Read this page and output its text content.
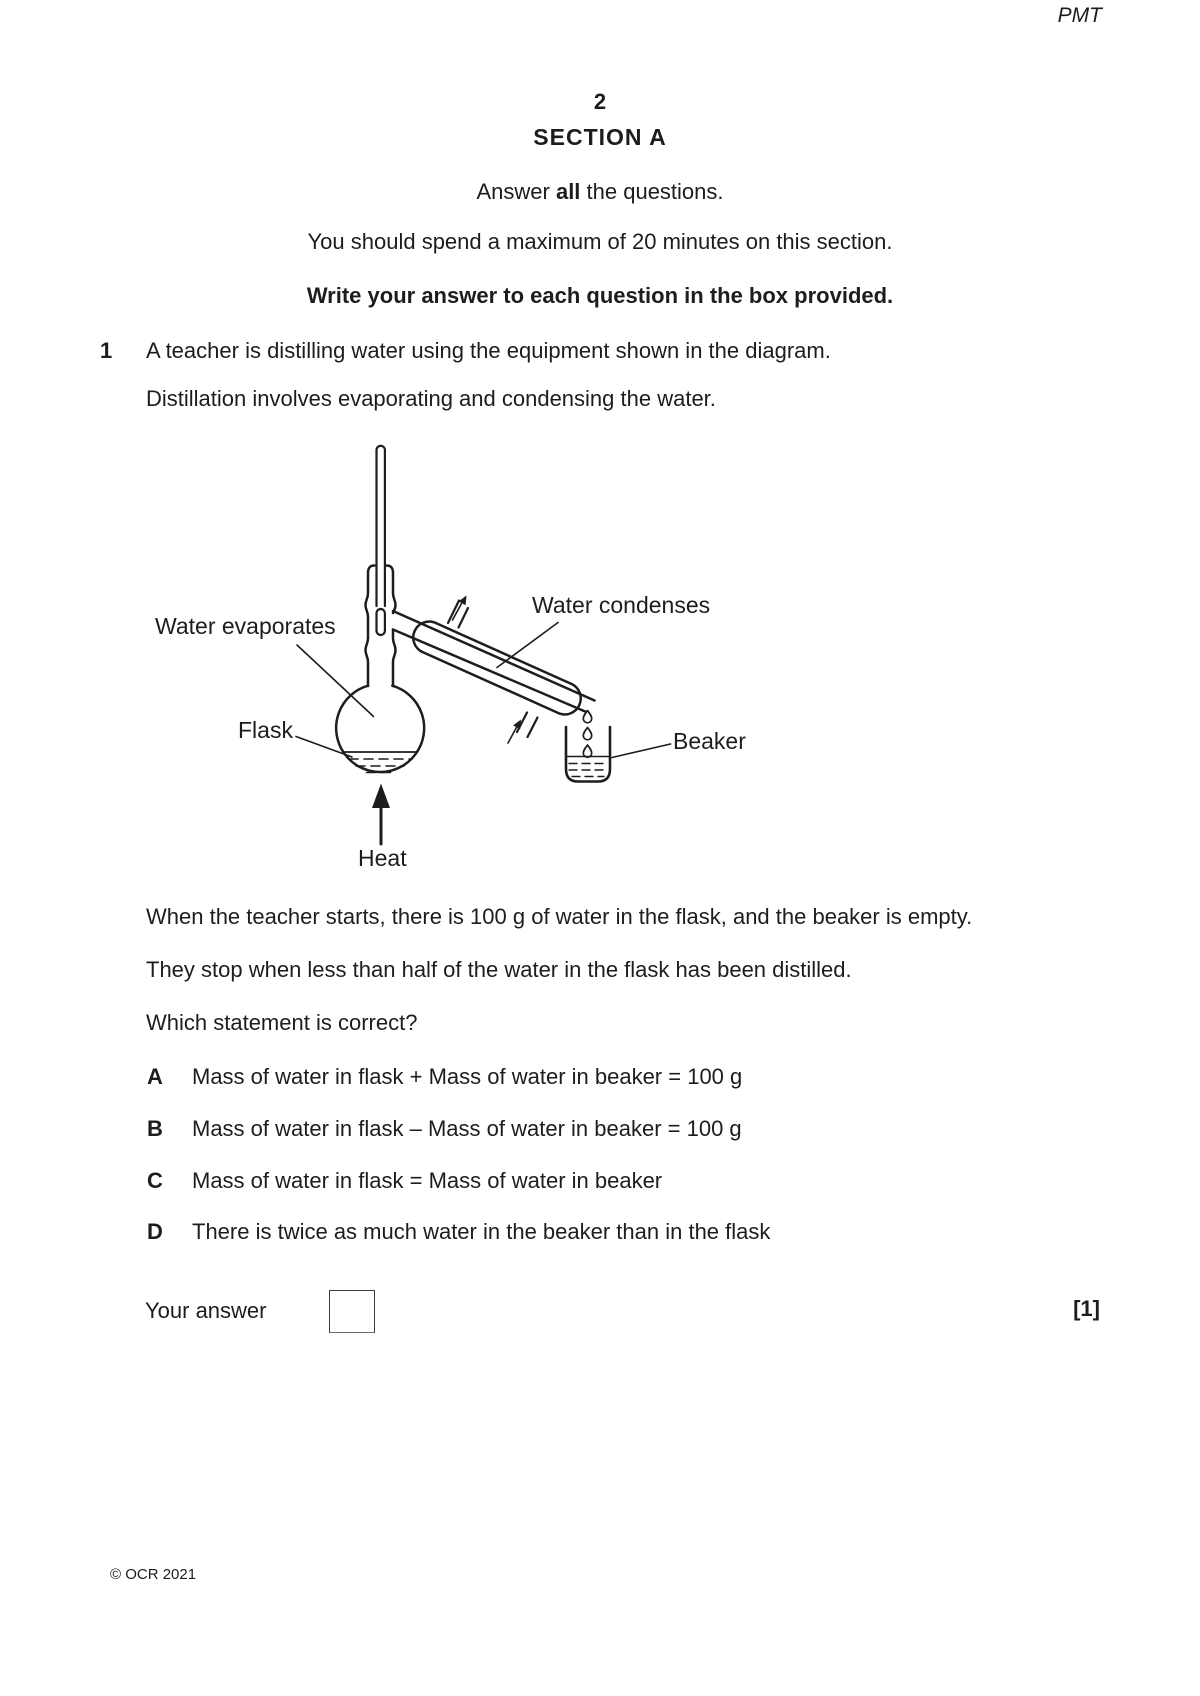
PMT
2
SECTION A
Answer all the questions.
You should spend a maximum of 20 minutes on this section.
Write your answer to each question in the box provided.
1 A teacher is distilling water using the equipment shown in the diagram.
Distillation involves evaporating and condensing the water.
Water evaporates
Water condenses
Flask	Beaker
Heat
When the teacher starts, there is 100 g of water in the flask, and the beaker is empty.
They stop when less than half of the water in the flask has been distilled.
Which statement is correct?
A Mass of water in flask + Mass of water in beaker = 100 g
B Mass of water in flask – Mass of water in beaker = 100 g
C Mass of water in flask = Mass of water in beaker
D There is twice as much water in the beaker than in the flask
Your answer	[1]
© OCR 2021
